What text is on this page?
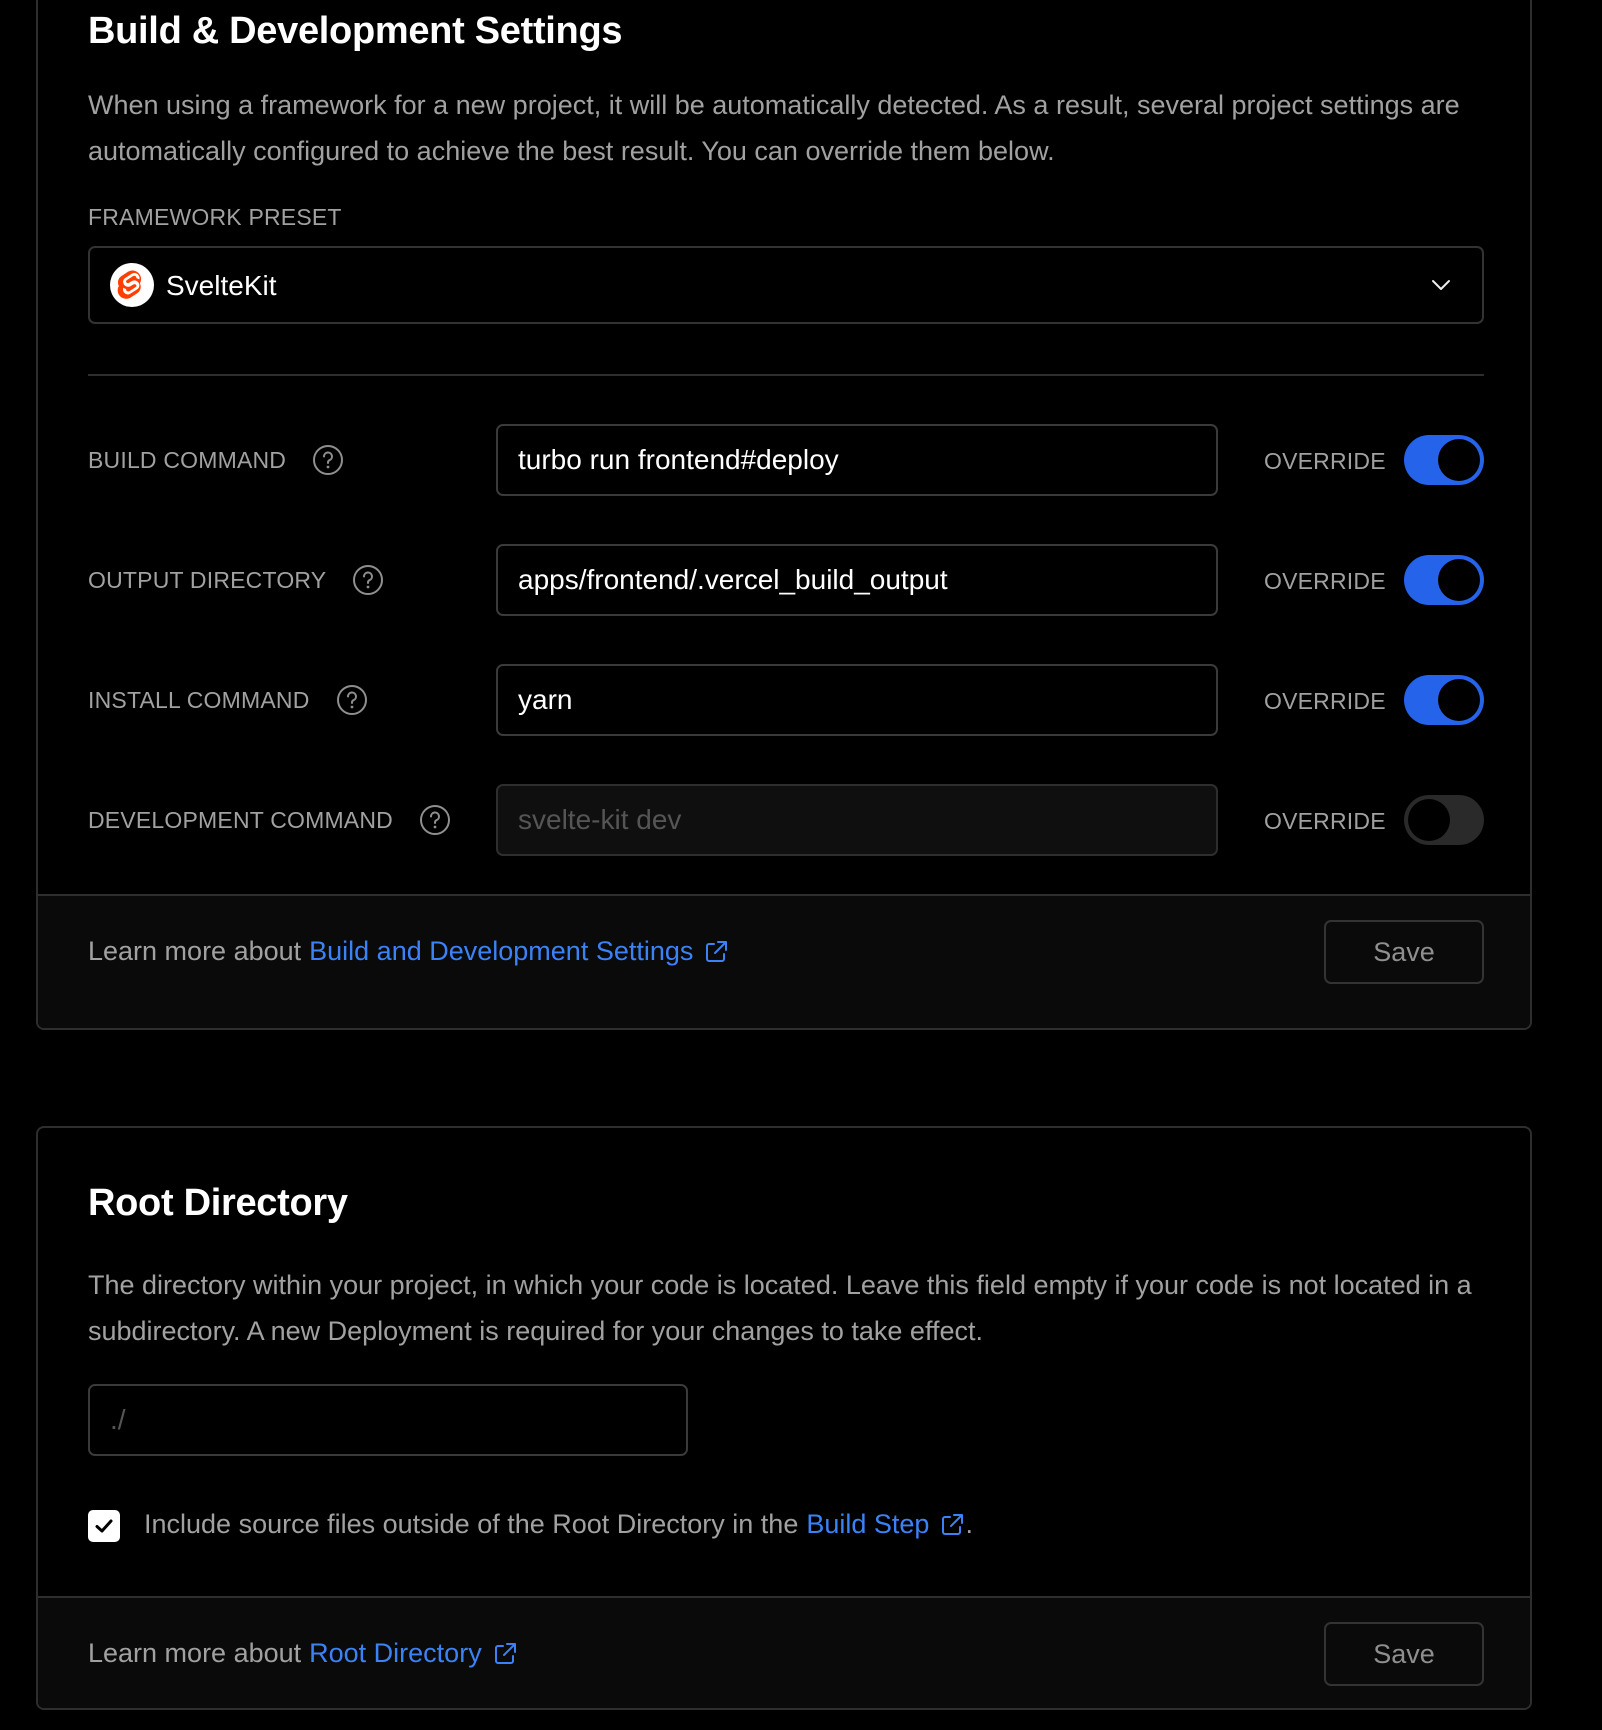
Build & Development Settings

When using a framework for a new project, it will be automatically detected. As a result, several project settings are automatically configured to achieve the best result. You can override them below.

FRAMEWORK PRESET
SvelteKit
BUILD COMMAND	turbo run frontend#deploy	OVERRIDE
OUTPUT DIRECTORY	apps/frontend/.vercel_build_output	OVERRIDE
INSTALL COMMAND	yarn	OVERRIDE
DEVELOPMENT COMMAND	svelte-kit dev	OVERRIDE
Learn more about Build and Development Settings	Save
Root Directory

The directory within your project, in which your code is located. Leave this field empty if your code is not located in a subdirectory. A new Deployment is required for your changes to take effect.

./
Include source files outside of the Root Directory in the Build Step .
Learn more about Root Directory	Save
